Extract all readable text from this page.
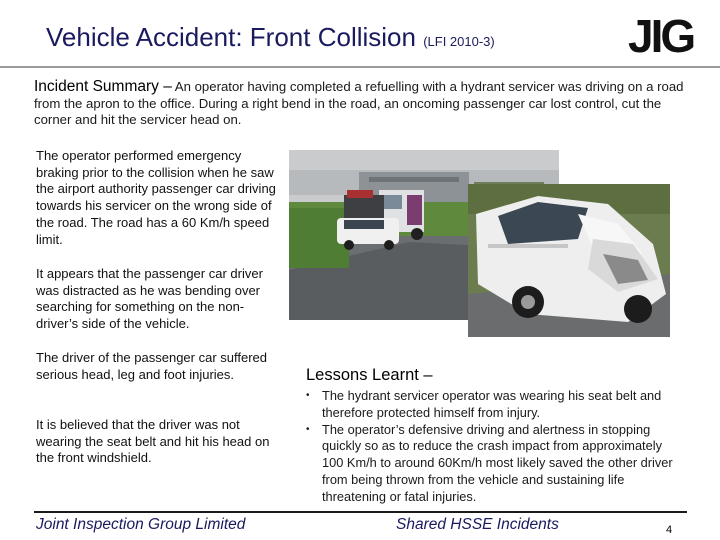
Vehicle Accident: Front Collision (LFI 2010-3)	JIG
Incident Summary – An operator having completed a refuelling with a hydrant servicer was driving on a road from the apron to the office. During a right bend in the road, an oncoming passenger car lost control, cut the corner and hit the servicer head on.
The operator performed emergency braking prior to the collision when he saw the airport authority passenger car driving towards his servicer on the wrong side of the road. The road has a 60 Km/h speed limit.
It appears that the passenger car driver was distracted as he was bending over searching for something on the non-driver’s side of the vehicle.
The driver of the passenger car suffered serious head, leg and foot injuries.
It is believed that the driver was not wearing the seat belt and hit his head on the front windshield.
Lessons Learnt –
• The hydrant servicer operator was wearing his seat belt and therefore protected himself from injury.
• The operator’s defensive driving and alertness in stopping quickly so as to reduce the crash impact from approximately 100 Km/h to around 60Km/h most likely saved the other driver from being thrown from the vehicle and sustaining life threatening or fatal injuries.
Joint Inspection Group Limited	Shared HSSE Incidents	4
